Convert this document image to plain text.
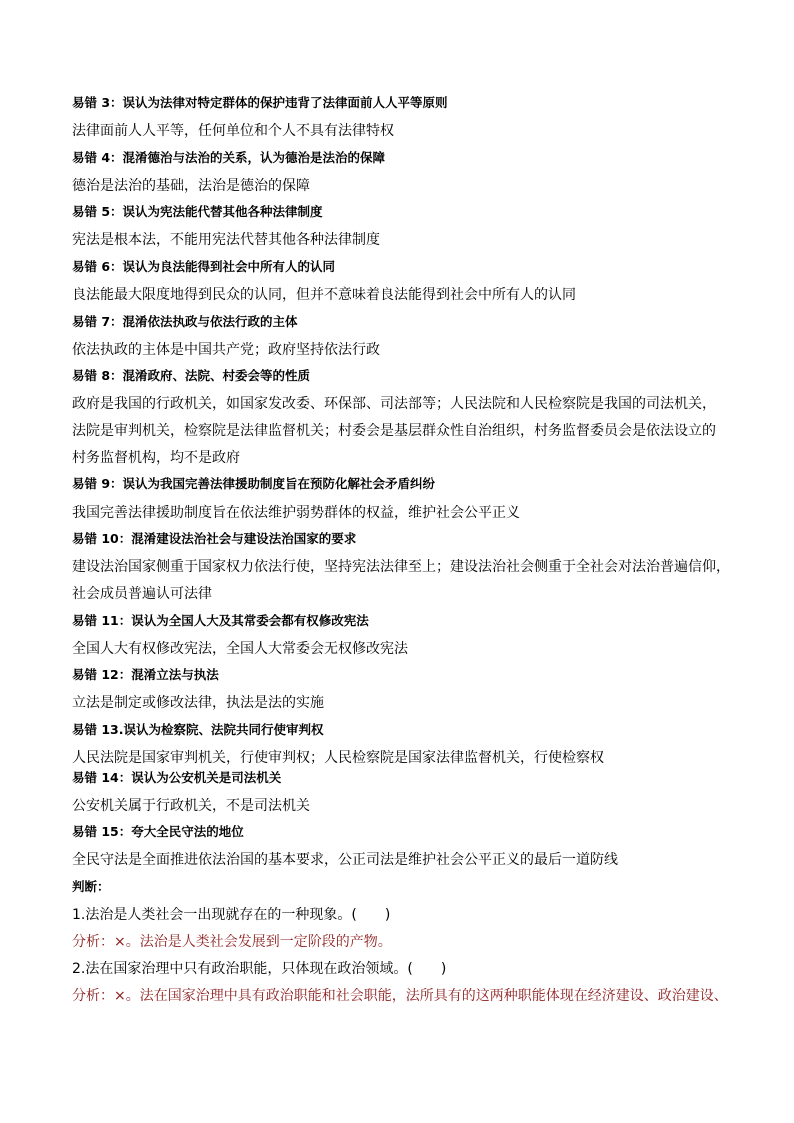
易错 3：误认为法律对特定群体的保护违背了法律面前人人平等原则
法律面前人人平等，任何单位和个人不具有法律特权
易错 4：混淆德治与法治的关系，认为德治是法治的保障
德治是法治的基础，法治是德治的保障
易错 5：误认为宪法能代替其他各种法律制度
宪法是根本法，不能用宪法代替其他各种法律制度
易错 6：误认为良法能得到社会中所有人的认同
良法能最大限度地得到民众的认同，但并不意味着良法能得到社会中所有人的认同
易错 7：混淆依法执政与依法行政的主体
依法执政的主体是中国共产党；政府坚持依法行政
易错 8：混淆政府、法院、村委会等的性质
政府是我国的行政机关，如国家发改委、环保部、司法部等；人民法院和人民检察院是我国的司法机关，
法院是审判机关，检察院是法律监督机关；村委会是基层群众性自治组织，村务监督委员会是依法设立的
村务监督机构，均不是政府
易错 9：误认为我国完善法律援助制度旨在预防化解社会矛盾纠纷
我国完善法律援助制度旨在依法维护弱势群体的权益，维护社会公平正义
易错 10：混淆建设法治社会与建设法治国家的要求
建设法治国家侧重于国家权力依法行使，坚持宪法法律至上；建设法治社会侧重于全社会对法治普遍信仰，
社会成员普遍认可法律
易错 11：误认为全国人大及其常委会都有权修改宪法
全国人大有权修改宪法，全国人大常委会无权修改宪法
易错 12：混淆立法与执法
立法是制定或修改法律，执法是法的实施
易错 13.误认为检察院、法院共同行使审判权
人民法院是国家审判机关，行使审判权；人民检察院是国家法律监督机关，行使检察权
易错 14：误认为公安机关是司法机关
公安机关属于行政机关，不是司法机关
易错 15：夸大全民守法的地位
全民守法是全面推进依法治国的基本要求，公正司法是维护社会公平正义的最后一道防线
判断：
1.法治是人类社会一出现就存在的一种现象。(　　)
分析：×。法治是人类社会发展到一定阶段的产物。
2.法在国家治理中只有政治职能，只体现在政治领域。(　　)
分析：×。法在国家治理中具有政治职能和社会职能，法所具有的这两种职能体现在经济建设、政治建设、
